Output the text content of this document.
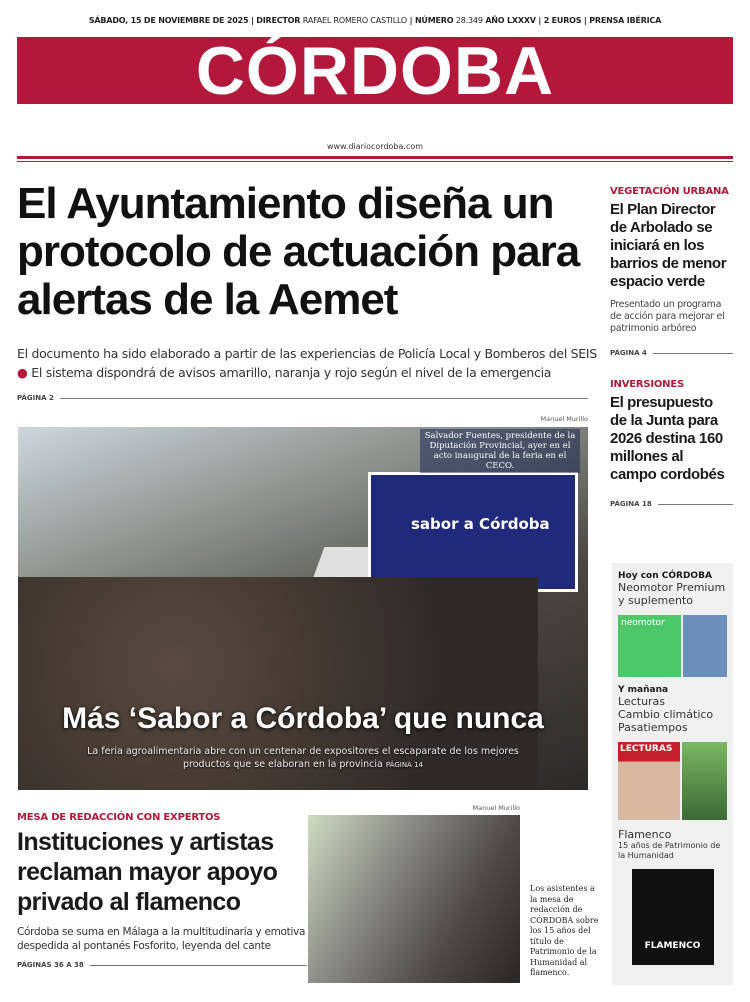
SÁBADO, 15 DE NOVIEMBRE DE 2025 | DIRECTOR RAFAEL ROMERO CASTILLO | NÚMERO 28.349 AÑO LXXXV | 2 EUROS | PRENSA IBÉRICA
CÓRDOBA
www.diariocordoba.com
El Ayuntamiento diseña un protocolo de actuación para alertas de la Aemet
El documento ha sido elaborado a partir de las experiencias de Policía Local y Bomberos del SEIS ● El sistema dispondrá de avisos amarillo, naranja y rojo según el nivel de la emergencia
PÁGINA 2
Manuel Murillo
sabor a Córdoba
Salvador Fuentes, presidente de la Diputación Provincial, ayer en el acto inaugural de la feria en el CECO.
Más ‘Sabor a Córdoba’ que nunca
La feria agroalimentaria abre con un centenar de expositores el escaparate de los mejores productos que se elaboran en la provincia PÁGINA 14
VEGETACIÓN URBANA
El Plan Director de Arbolado se iniciará en los barrios de menor espacio verde
Presentado un programa de acción para mejorar el patrimonio arbóreo
PÁGINA 4
INVERSIONES
El presupuesto de la Junta para 2026 destina 160 millones al campo cordobés
PÁGINA 18
Hoy con CÓRDOBA
Neomotor Premium y suplemento
neomotor
Y mañana
Lecturas
Cambio climático
Pasatiempos
LECTURAS
Flamenco
15 años de Patrimonio de la Humanidad
FLAMENCO
MESA DE REDACCIÓN CON EXPERTOS
Instituciones y artistas reclaman mayor apoyo privado al flamenco
Córdoba se suma en Málaga a la multitudinaria y emotiva despedida al pontanés Fosforito, leyenda del cante
PÁGINAS 36 A 38
Manuel Murillo
Los asistentes a la mesa de redacción de CÓRDOBA sobre los 15 años del título de Patrimonio de la Humanidad al flamenco.
